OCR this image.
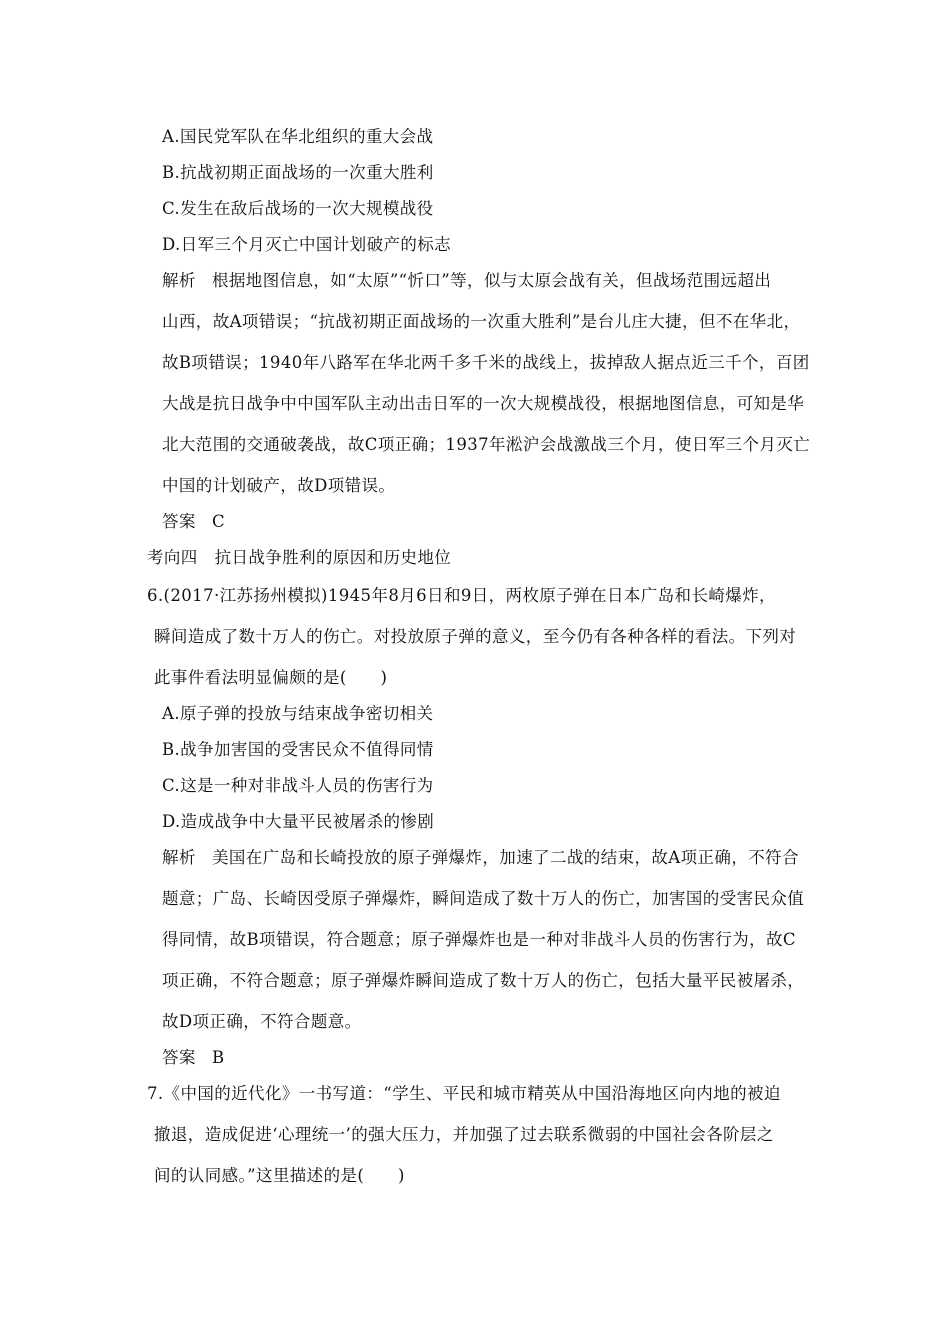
A.国民党军队在华北组织的重大会战
B.抗战初期正面战场的一次重大胜利
C.发生在敌后战场的一次大规模战役
D.日军三个月灭亡中国计划破产的标志
解析 根据地图信息，如“太原”“忻口”等，似与太原会战有关，但战场范围远超出
山西，故A项错误；“抗战初期正面战场的一次重大胜利”是台儿庄大捷，但不在华北，
故B项错误；1940年八路军在华北两千多千米的战线上，拔掉敌人据点近三千个，百团
大战是抗日战争中中国军队主动出击日军的一次大规模战役，根据地图信息，可知是华
北大范围的交通破袭战，故C项正确；1937年淞沪会战激战三个月，使日军三个月灭亡
中国的计划破产，故D项错误。
答案 C
考向四　抗日战争胜利的原因和历史地位
6.(2017·江苏扬州模拟)1945年8月6日和9日，两枚原子弹在日本广岛和长崎爆炸，
瞬间造成了数十万人的伤亡。对投放原子弹的意义，至今仍有各种各样的看法。下列对
此事件看法明显偏颇的是(　　)
A.原子弹的投放与结束战争密切相关
B.战争加害国的受害民众不值得同情
C.这是一种对非战斗人员的伤害行为
D.造成战争中大量平民被屠杀的惨剧
解析 美国在广岛和长崎投放的原子弹爆炸，加速了二战的结束，故A项正确，不符合
题意；广岛、长崎因受原子弹爆炸，瞬间造成了数十万人的伤亡，加害国的受害民众值
得同情，故B项错误，符合题意；原子弹爆炸也是一种对非战斗人员的伤害行为，故C
项正确，不符合题意；原子弹爆炸瞬间造成了数十万人的伤亡，包括大量平民被屠杀，
故D项正确，不符合题意。
答案 B
7.《中国的近代化》一书写道：“学生、平民和城市精英从中国沿海地区向内地的被迫
撤退，造成促进‘心理统一’的强大压力，并加强了过去联系微弱的中国社会各阶层之
间的认同感。”这里描述的是(　　)
